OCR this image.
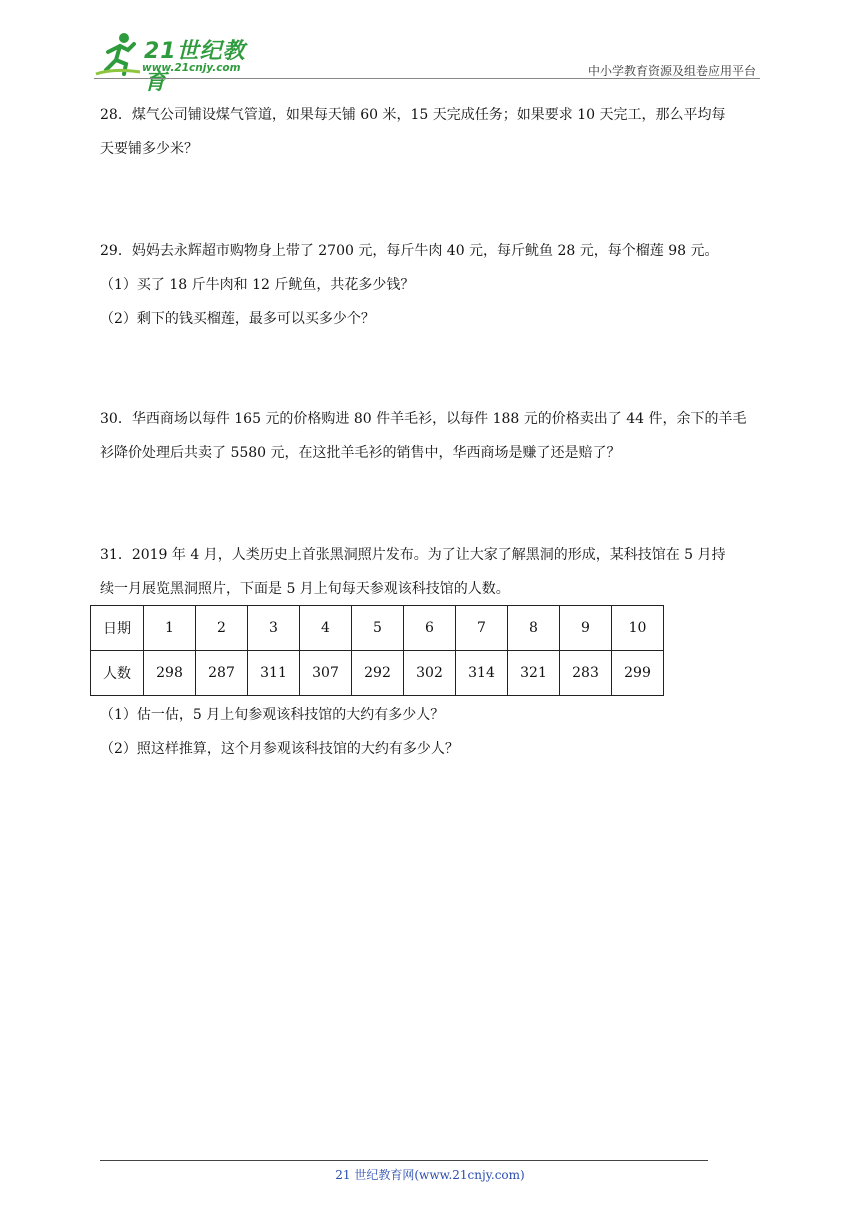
21世纪教育
www.21cnjy.com	中小学教育资源及组卷应用平台

28．煤气公司铺设煤气管道，如果每天铺 60 米，15 天完成任务；如果要求 10 天完工，那么平均每

天要铺多少米？

29．妈妈去永辉超市购物身上带了 2700 元，每斤牛肉 40 元，每斤鱿鱼 28 元，每个榴莲 98 元。

（1）买了 18 斤牛肉和 12 斤鱿鱼，共花多少钱？

（2）剩下的钱买榴莲，最多可以买多少个？

30．华西商场以每件 165 元的价格购进 80 件羊毛衫，以每件 188 元的价格卖出了 44 件，余下的羊毛

衫降价处理后共卖了 5580 元，在这批羊毛衫的销售中，华西商场是赚了还是赔了？

31．2019 年 4 月，人类历史上首张黑洞照片发布。为了让大家了解黑洞的形成，某科技馆在 5 月持

续一月展览黑洞照片，下面是 5 月上旬每天参观该科技馆的人数。

日期	1	2	3	4	5	6	7	8	9	10
人数	298	287	311	307	292	302	314	321	283	299

（1）估一估，5 月上旬参观该科技馆的大约有多少人？

（2）照这样推算，这个月参观该科技馆的大约有多少人？

21 世纪教育网(www.21cnjy.com)
